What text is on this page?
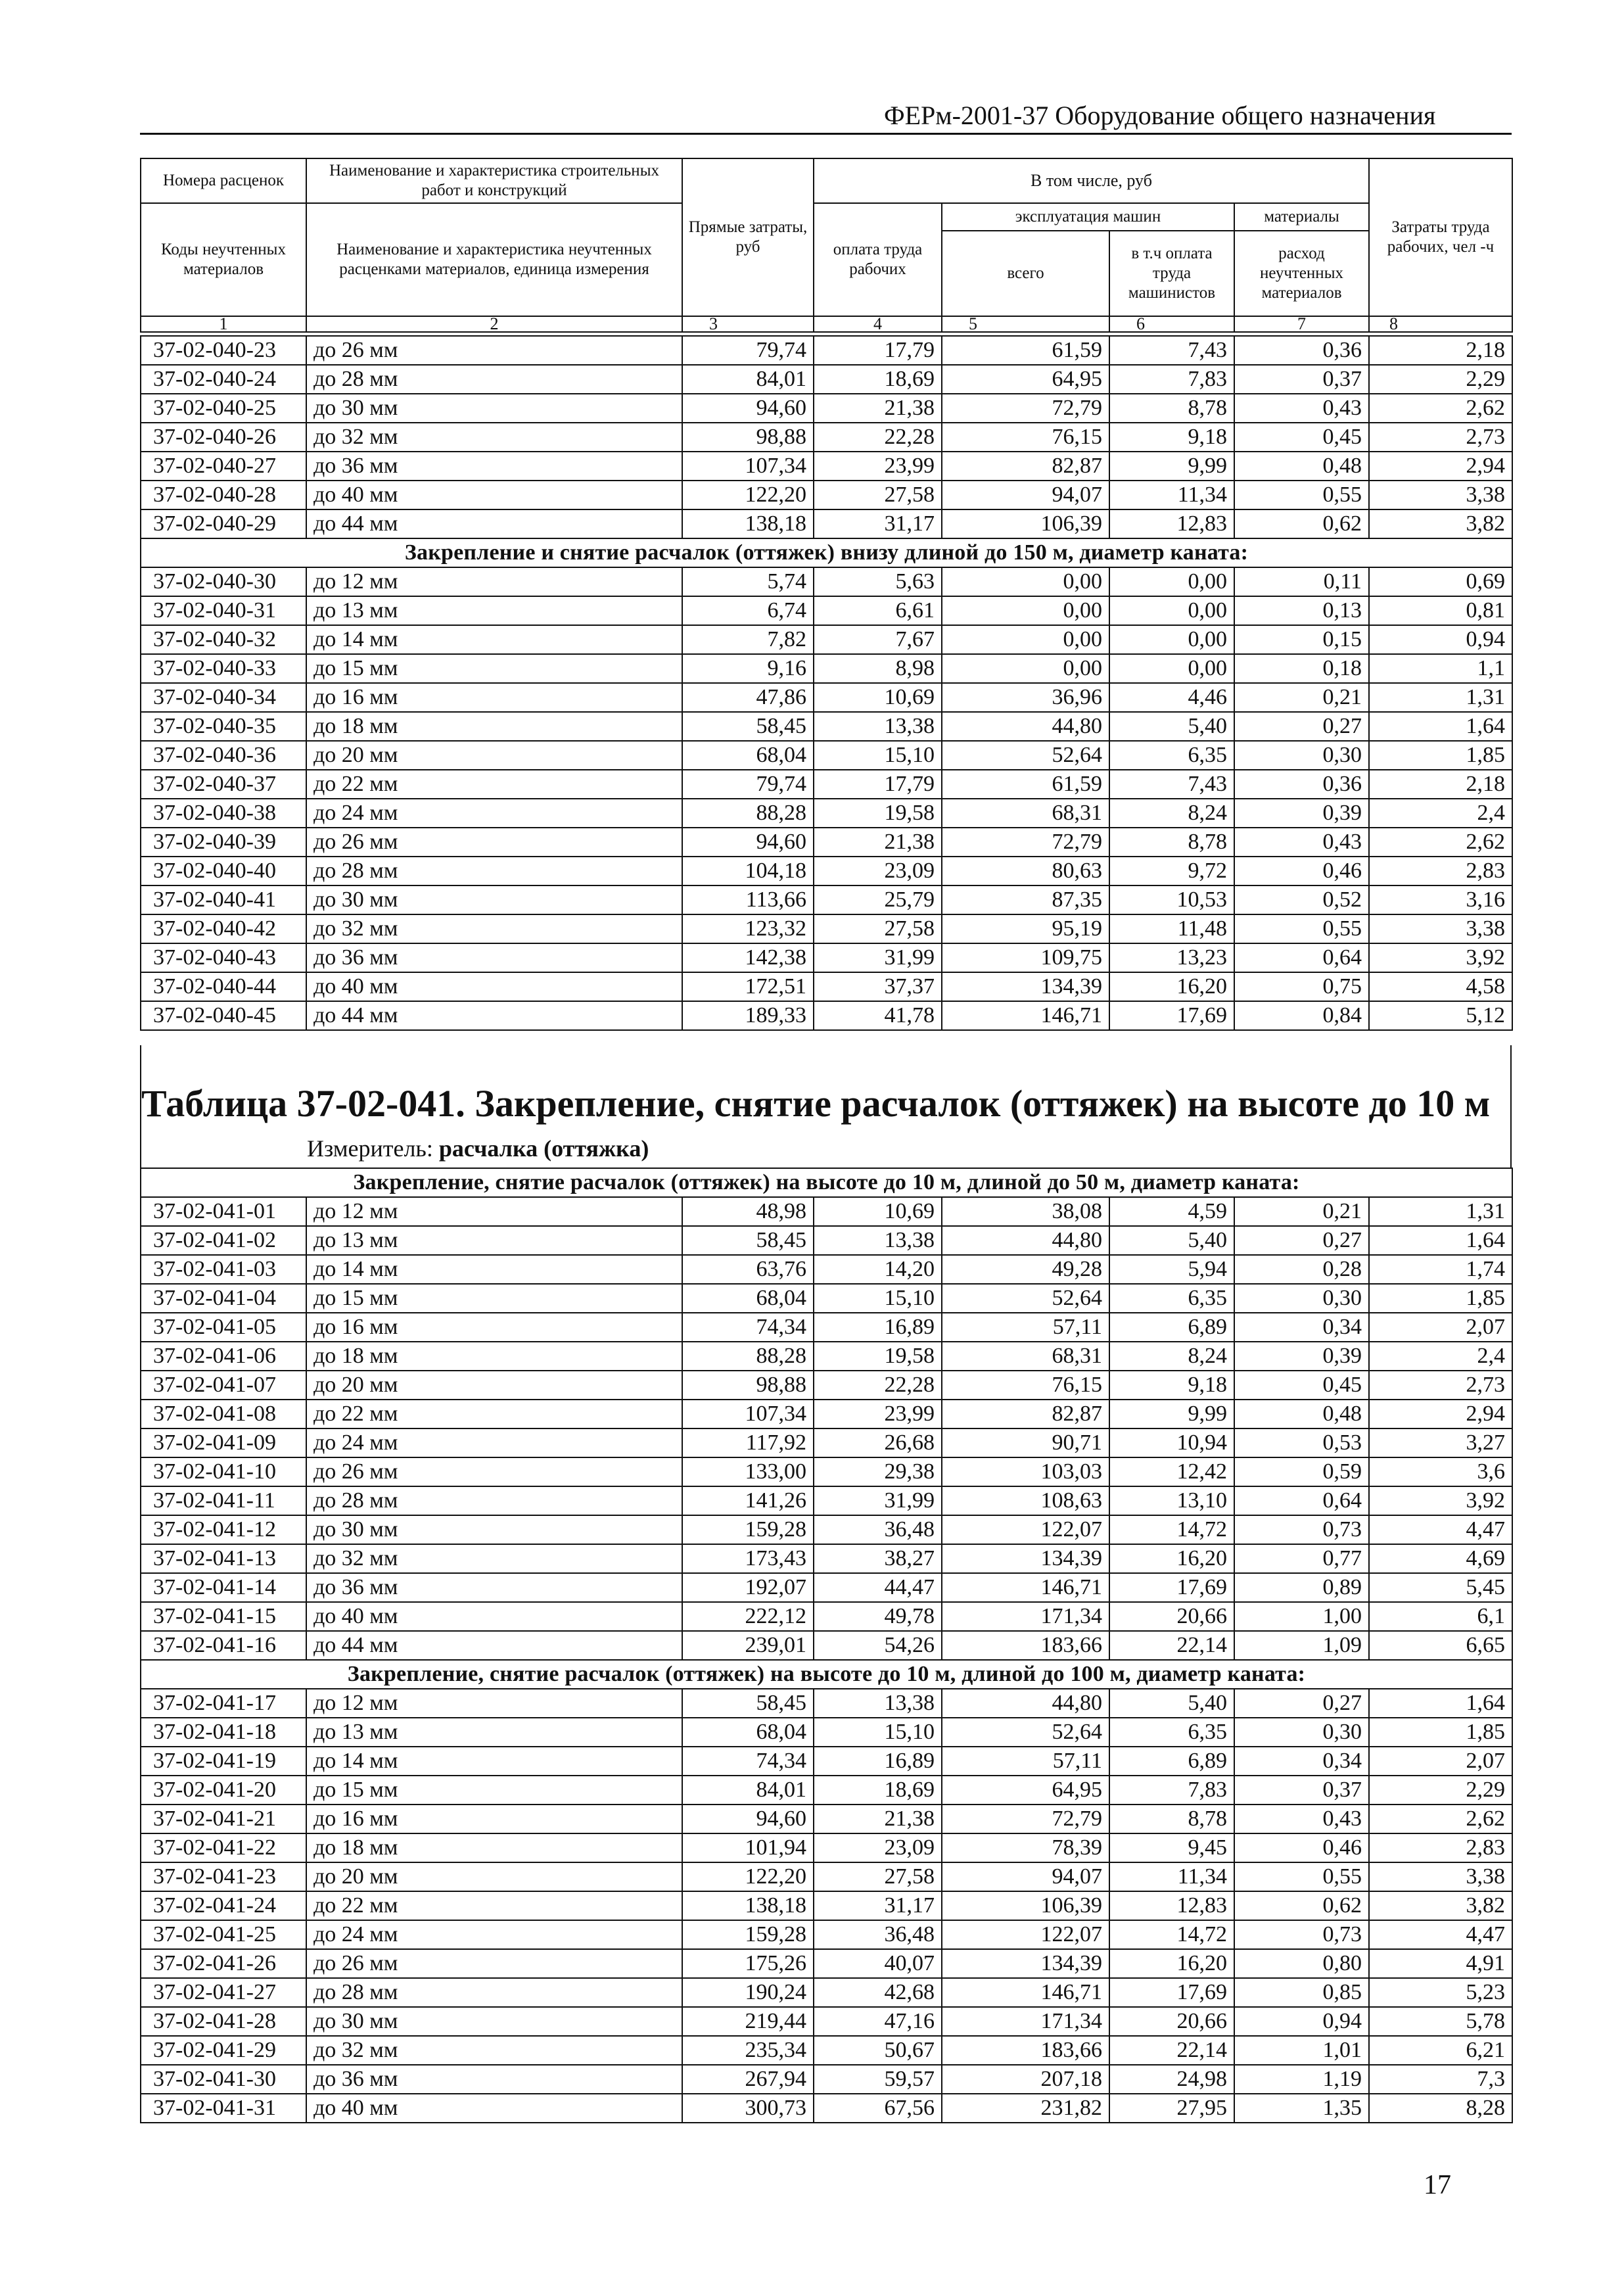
ФЕРм-2001-37 Оборудование общего назначения
Номера расценок	Наименование и характеристика строительных работ и конструкций	Прямые затраты, руб	В том числе, руб				Затраты труда рабочих, чел -ч
Коды неучтенных материалов	Наименование и характеристика неучтенных расценками материалов, единица измерения		оплата труда рабочих	эксплуатация машин		материалы	
				всего	в т.ч оплата труда машинистов	расход неучтенных материалов	
1	2	3	4	5	6	7	8
37-02-040-23	до 26 мм	79,74	17,79	61,59	7,43	0,36	2,18
37-02-040-24	до 28 мм	84,01	18,69	64,95	7,83	0,37	2,29
37-02-040-25	до 30 мм	94,60	21,38	72,79	8,78	0,43	2,62
37-02-040-26	до 32 мм	98,88	22,28	76,15	9,18	0,45	2,73
37-02-040-27	до 36 мм	107,34	23,99	82,87	9,99	0,48	2,94
37-02-040-28	до 40 мм	122,20	27,58	94,07	11,34	0,55	3,38
37-02-040-29	до 44 мм	138,18	31,17	106,39	12,83	0,62	3,82
Закрепление и снятие расчалок (оттяжек) внизу длиной до 150 м, диаметр каната:							
37-02-040-30	до 12 мм	5,74	5,63	0,00	0,00	0,11	0,69
37-02-040-31	до 13 мм	6,74	6,61	0,00	0,00	0,13	0,81
37-02-040-32	до 14 мм	7,82	7,67	0,00	0,00	0,15	0,94
37-02-040-33	до 15 мм	9,16	8,98	0,00	0,00	0,18	1,1
37-02-040-34	до 16 мм	47,86	10,69	36,96	4,46	0,21	1,31
37-02-040-35	до 18 мм	58,45	13,38	44,80	5,40	0,27	1,64
37-02-040-36	до 20 мм	68,04	15,10	52,64	6,35	0,30	1,85
37-02-040-37	до 22 мм	79,74	17,79	61,59	7,43	0,36	2,18
37-02-040-38	до 24 мм	88,28	19,58	68,31	8,24	0,39	2,4
37-02-040-39	до 26 мм	94,60	21,38	72,79	8,78	0,43	2,62
37-02-040-40	до 28 мм	104,18	23,09	80,63	9,72	0,46	2,83
37-02-040-41	до 30 мм	113,66	25,79	87,35	10,53	0,52	3,16
37-02-040-42	до 32 мм	123,32	27,58	95,19	11,48	0,55	3,38
37-02-040-43	до 36 мм	142,38	31,99	109,75	13,23	0,64	3,92
37-02-040-44	до 40 мм	172,51	37,37	134,39	16,20	0,75	4,58
37-02-040-45	до 44 мм	189,33	41,78	146,71	17,69	0,84	5,12
Таблица 37-02-041. Закрепление, снятие расчалок (оттяжек) на высоте до 10 м
Измеритель: расчалка (оттяжка)
Закрепление, снятие расчалок (оттяжек) на высоте до 10 м, длиной до 50 м, диаметр каната:							
37-02-041-01	до 12 мм	48,98	10,69	38,08	4,59	0,21	1,31
37-02-041-02	до 13 мм	58,45	13,38	44,80	5,40	0,27	1,64
37-02-041-03	до 14 мм	63,76	14,20	49,28	5,94	0,28	1,74
37-02-041-04	до 15 мм	68,04	15,10	52,64	6,35	0,30	1,85
37-02-041-05	до 16 мм	74,34	16,89	57,11	6,89	0,34	2,07
37-02-041-06	до 18 мм	88,28	19,58	68,31	8,24	0,39	2,4
37-02-041-07	до 20 мм	98,88	22,28	76,15	9,18	0,45	2,73
37-02-041-08	до 22 мм	107,34	23,99	82,87	9,99	0,48	2,94
37-02-041-09	до 24 мм	117,92	26,68	90,71	10,94	0,53	3,27
37-02-041-10	до 26 мм	133,00	29,38	103,03	12,42	0,59	3,6
37-02-041-11	до 28 мм	141,26	31,99	108,63	13,10	0,64	3,92
37-02-041-12	до 30 мм	159,28	36,48	122,07	14,72	0,73	4,47
37-02-041-13	до 32 мм	173,43	38,27	134,39	16,20	0,77	4,69
37-02-041-14	до 36 мм	192,07	44,47	146,71	17,69	0,89	5,45
37-02-041-15	до 40 мм	222,12	49,78	171,34	20,66	1,00	6,1
37-02-041-16	до 44 мм	239,01	54,26	183,66	22,14	1,09	6,65
Закрепление, снятие расчалок (оттяжек) на высоте до 10 м, длиной до 100 м, диаметр каната:							
37-02-041-17	до 12 мм	58,45	13,38	44,80	5,40	0,27	1,64
37-02-041-18	до 13 мм	68,04	15,10	52,64	6,35	0,30	1,85
37-02-041-19	до 14 мм	74,34	16,89	57,11	6,89	0,34	2,07
37-02-041-20	до 15 мм	84,01	18,69	64,95	7,83	0,37	2,29
37-02-041-21	до 16 мм	94,60	21,38	72,79	8,78	0,43	2,62
37-02-041-22	до 18 мм	101,94	23,09	78,39	9,45	0,46	2,83
37-02-041-23	до 20 мм	122,20	27,58	94,07	11,34	0,55	3,38
37-02-041-24	до 22 мм	138,18	31,17	106,39	12,83	0,62	3,82
37-02-041-25	до 24 мм	159,28	36,48	122,07	14,72	0,73	4,47
37-02-041-26	до 26 мм	175,26	40,07	134,39	16,20	0,80	4,91
37-02-041-27	до 28 мм	190,24	42,68	146,71	17,69	0,85	5,23
37-02-041-28	до 30 мм	219,44	47,16	171,34	20,66	0,94	5,78
37-02-041-29	до 32 мм	235,34	50,67	183,66	22,14	1,01	6,21
37-02-041-30	до 36 мм	267,94	59,57	207,18	24,98	1,19	7,3
37-02-041-31	до 40 мм	300,73	67,56	231,82	27,95	1,35	8,28
17
